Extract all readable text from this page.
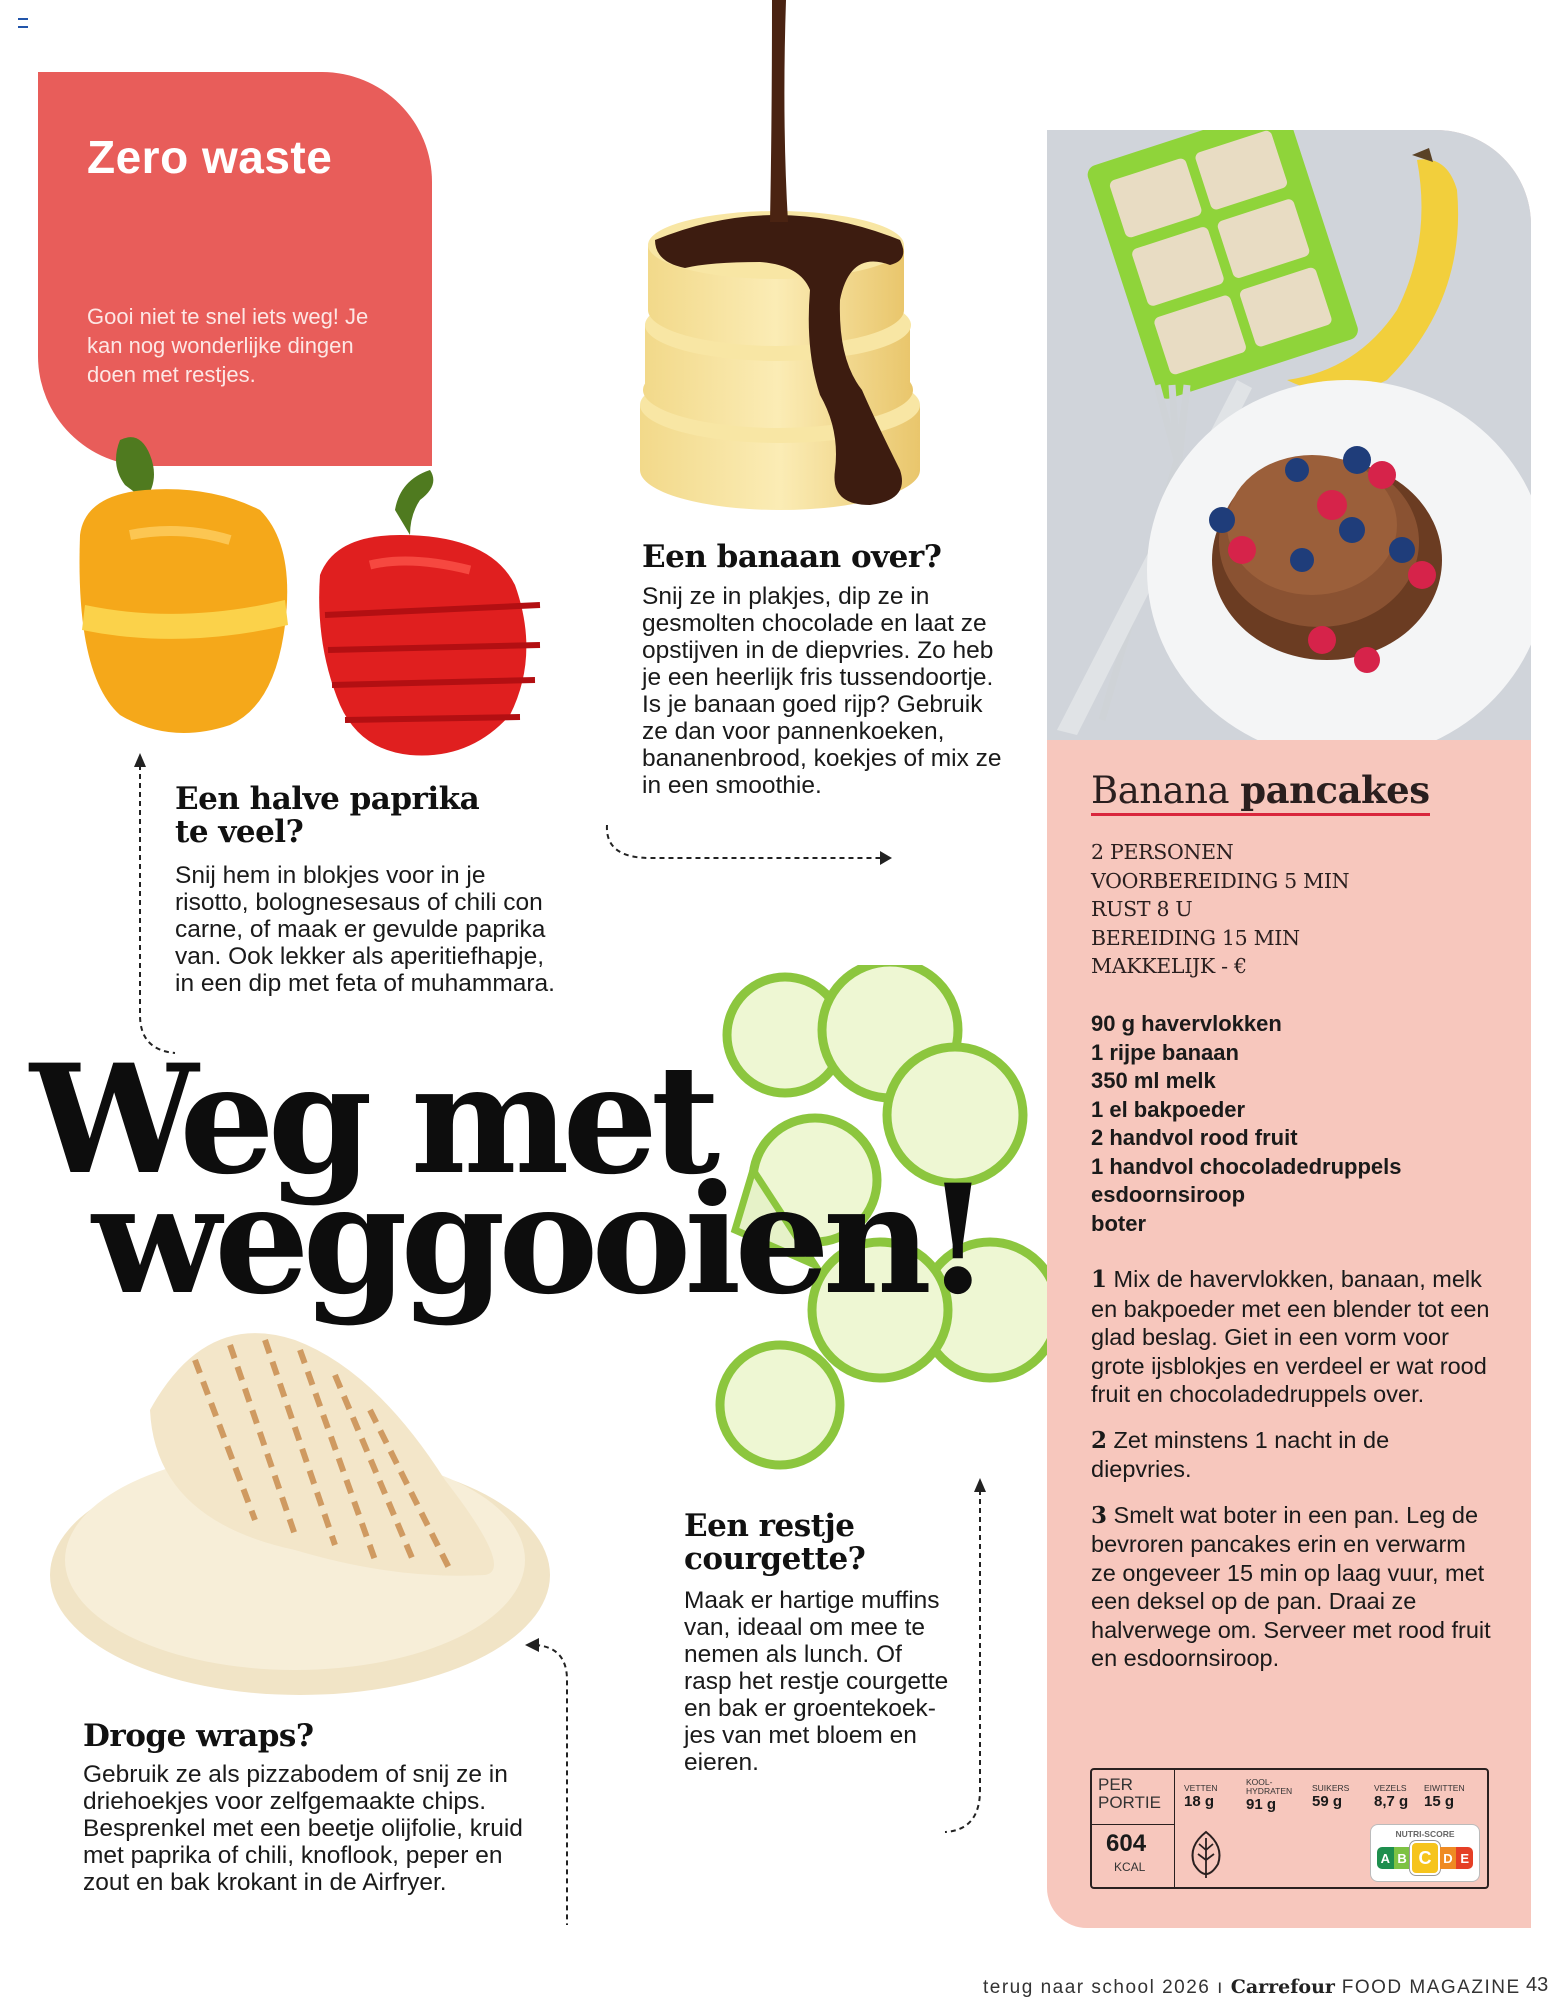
Zero waste
Gooi niet te snel iets weg! Je kan nog wonderlijke dingen doen met restjes.
Een banaan over?
Snij ze in plakjes, dip ze in gesmolten chocolade en laat ze opstijven in de diepvries. Zo heb je een heerlijk fris tussendoortje. Is je banaan goed rijp? Gebruik ze dan voor pannenkoeken, bananenbrood, koekjes of mix ze in een smoothie.
Een halve paprika te veel?
Snij hem in blokjes voor in je risotto, bolognesesaus of chili con carne, of maak er gevulde paprika van. Ook lekker als aperitiefhapje, in een dip met feta of muhammara.
Weg met
weggooien!
Droge wraps?
Gebruik ze als pizzabodem of snij ze in driehoekjes voor zelfgemaakte chips. Besprenkel met een beetje olijfolie, kruid met paprika of chili, knoflook, peper en zout en bak krokant in de Airfryer.
Een restje courgette?
Maak er hartige muffins van, ideaal om mee te nemen als lunch. Of rasp het restje courgette en bak er groentekoek-jes van met bloem en eieren.
Banana pancakes
2 PERSONEN
VOORBEREIDING 5 MIN
RUST 8 U
BEREIDING 15 MIN
MAKKELIJK - €
90 g havervlokken
1 rijpe banaan
350 ml melk
1 el bakpoeder
2 handvol rood fruit
1 handvol chocoladedruppels
esdoornsiroop
boter
1 Mix de havervlokken, banaan, melk en bakpoeder met een blender tot een glad beslag. Giet in een vorm voor grote ijsblokjes en verdeel er wat rood fruit en chocoladedruppels over.
2 Zet minstens 1 nacht in de diepvries.
3 Smelt wat boter in een pan. Leg de bevroren pancakes erin en verwarm ze ongeveer 15 min op laag vuur, met een deksel op de pan. Draai ze halverwege om. Serveer met rood fruit en esdoornsiroop.
PER
PORTIE
604
KCAL
VETTEN
18 g
KOOL-HYDRATEN
91 g
SUIKERS
59 g
VEZELS
8,7 g
EIWITTEN
15 g
NUTRI-SCORE
A B C D E
terug naar school 2026 ı Carrefour FOOD MAGAZINE 43
